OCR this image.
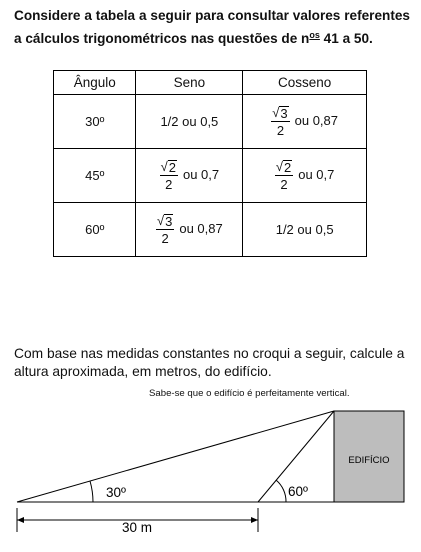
Considere a tabela a seguir para consultar valores referentes a cálculos trigonométricos nas questões de $n^{os}$ 41 a 50.
Ângulo	Seno	Cosseno
30º	1/2 ou 0,5	$\frac{√ 3}{2}$ ou 0,87
45º	$\frac{√ 2}{2}$ ou 0,7	$\frac{√ 2}{2}$ ou 0,7
60º	$\frac{√ 3}{2}$ ou 0,87	1/2 ou 0,5
Com base nas medidas constantes no croqui a seguir, calcule a altura aproximada, em metros, do edifício.
Sabe-se que o edifício é perfeitamente vertical.
EDIFÍCIO
30º	60º
30 m
